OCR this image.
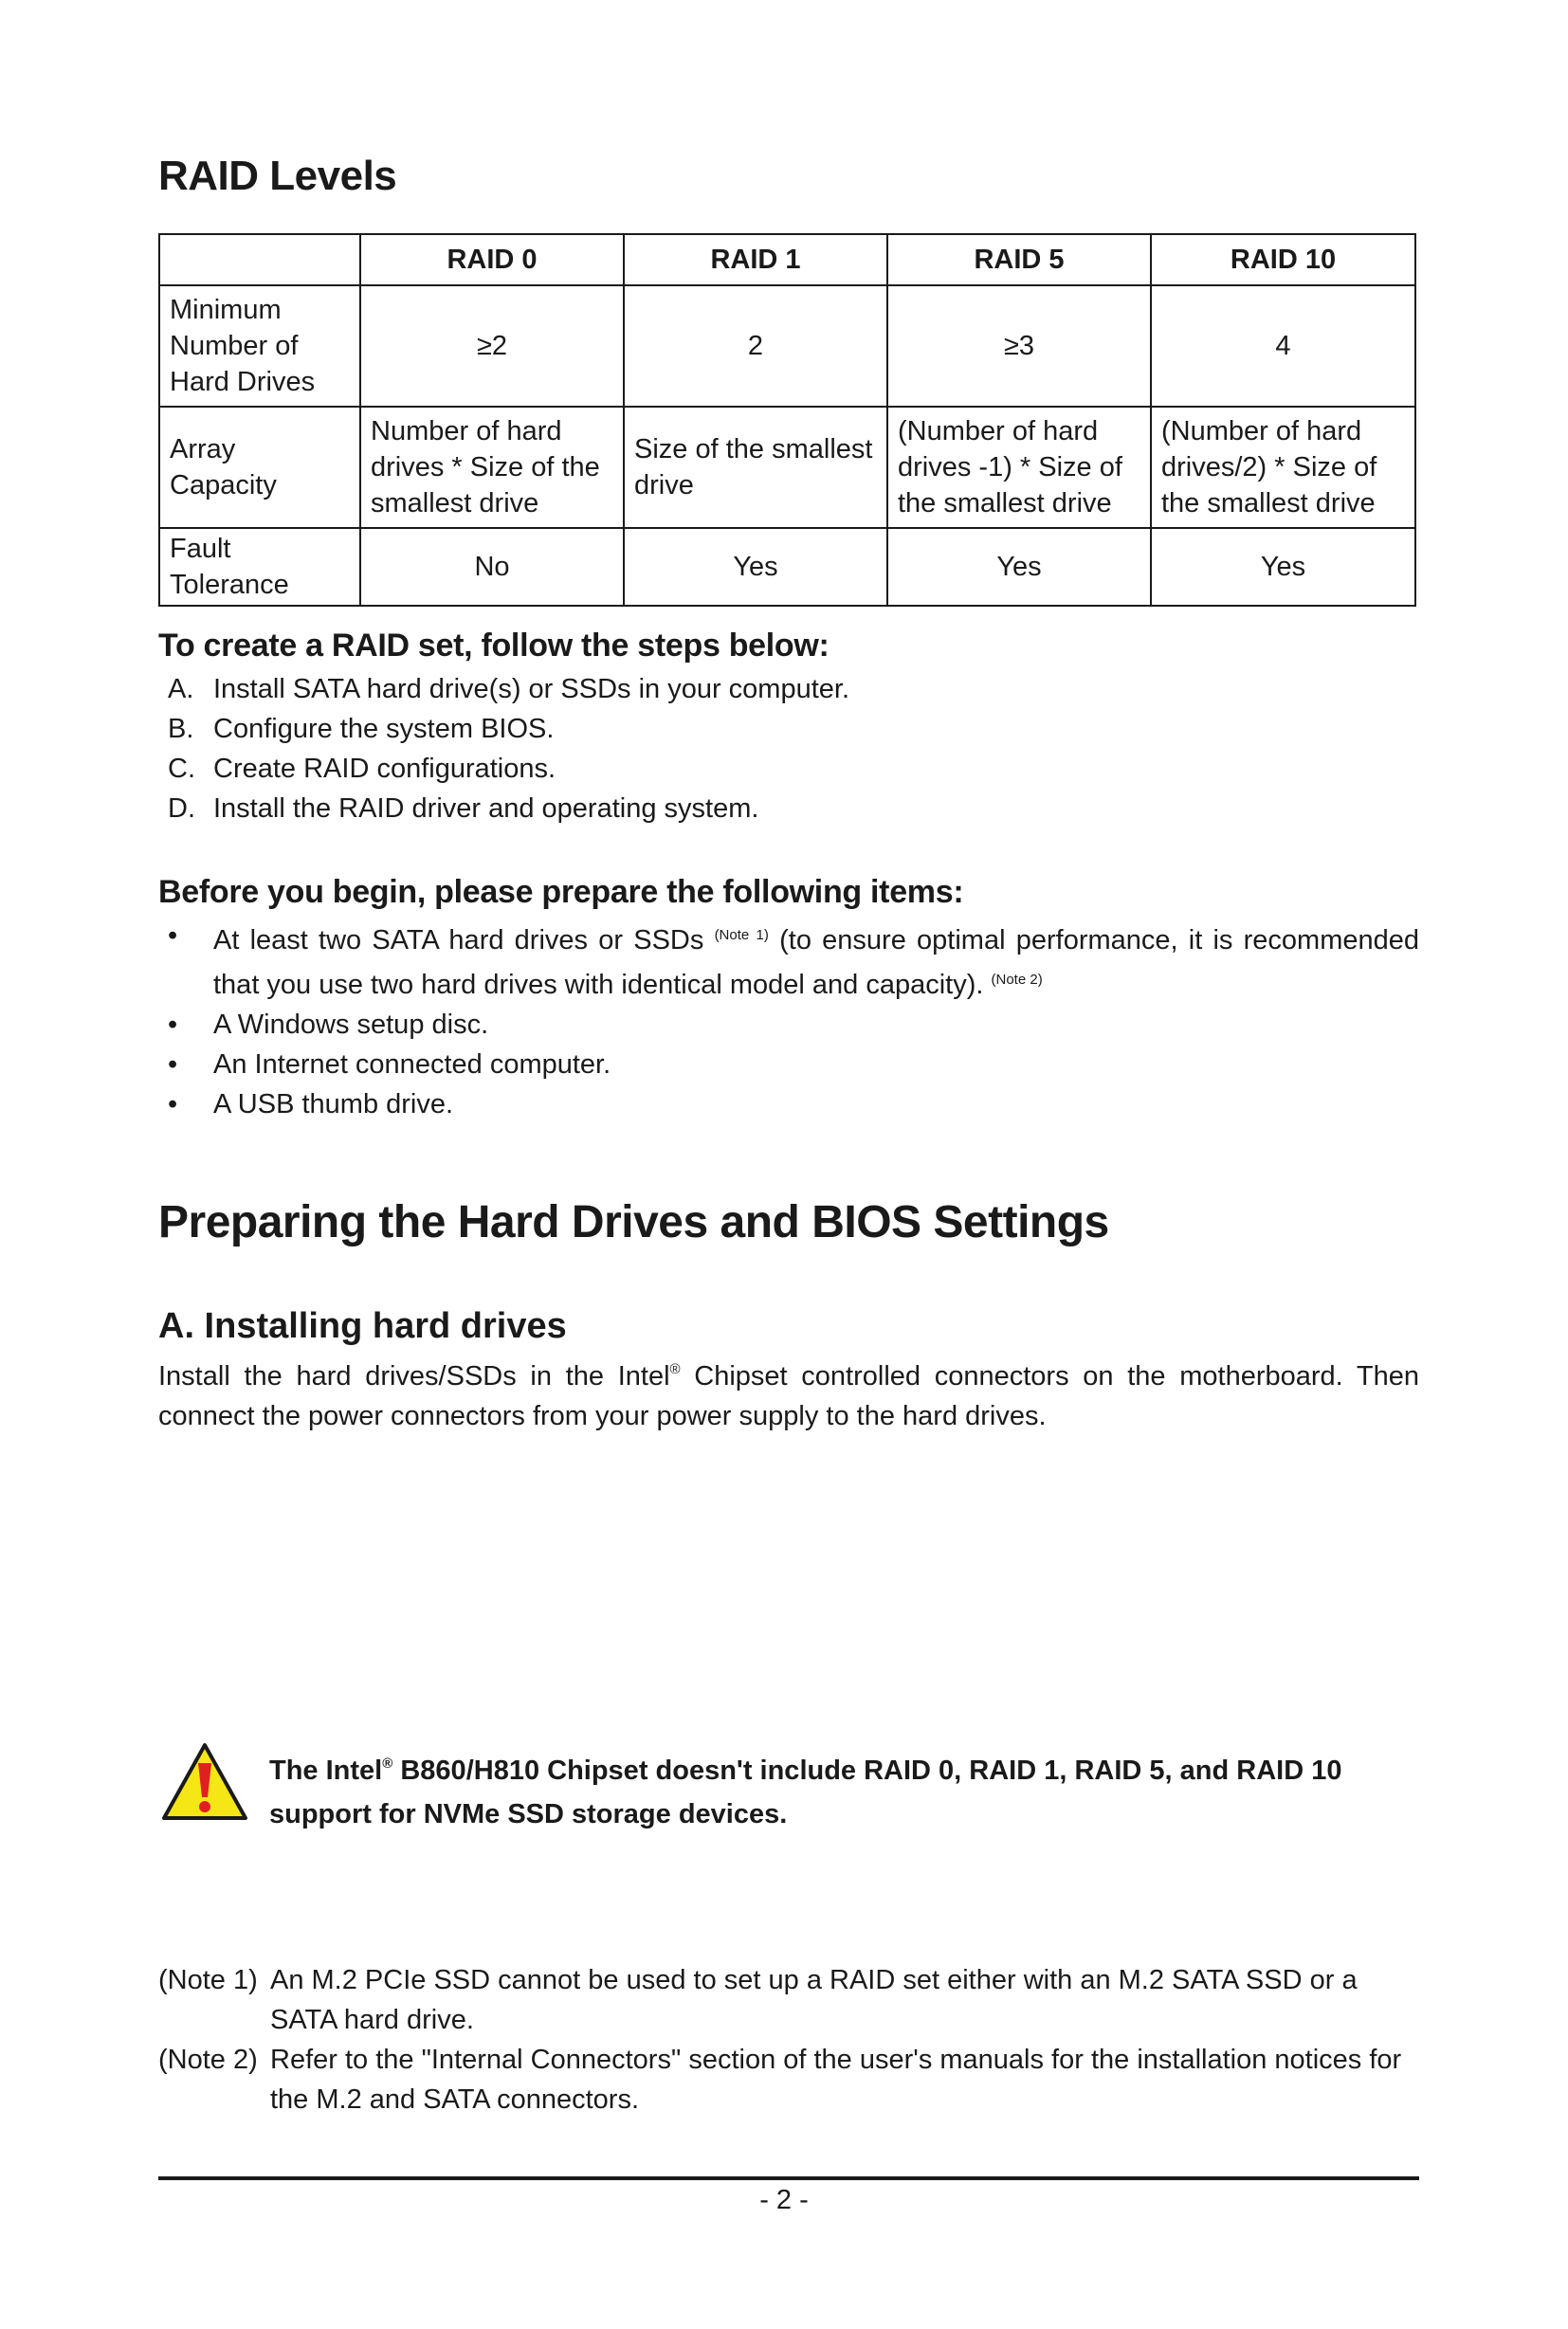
RAID Levels
	RAID 0	RAID 1	RAID 5	RAID 10
Minimum Number of Hard Drives	≥2	2	≥3	4
Array Capacity	Number of hard drives * Size of the smallest drive	Size of the smallest drive	(Number of hard drives -1) * Size of the smallest drive	(Number of hard drives/2) * Size of the smallest drive
Fault Tolerance	No	Yes	Yes	Yes
To create a RAID set, follow the steps below:
A. Install SATA hard drive(s) or SSDs in your computer.
B. Configure the system BIOS.
C. Create RAID configurations.
D. Install the RAID driver and operating system.
Before you begin, please prepare the following items:
•	At least two SATA hard drives or SSDs $^{(Note 1)}$ (to ensure optimal performance, it is recommended that you use two hard drives with identical model and capacity). $^{(Note 2)}$
•	A Windows setup disc.
•	An Internet connected computer.
•	A USB thumb drive.
Preparing the Hard Drives and BIOS Settings
A. Installing hard drives
Install the hard drives/SSDs in the Intel® Chipset controlled connectors on the motherboard. Then connect the power connectors from your power supply to the hard drives.
The Intel® B860/H810 Chipset doesn't include RAID 0, RAID 1, RAID 5, and RAID 10 support for NVMe SSD storage devices.
(Note 1) An M.2 PCIe SSD cannot be used to set up a RAID set either with an M.2 SATA SSD or a SATA hard drive.
(Note 2) Refer to the "Internal Connectors" section of the user's manuals for the installation notices for the M.2 and SATA connectors.
- 2 -
